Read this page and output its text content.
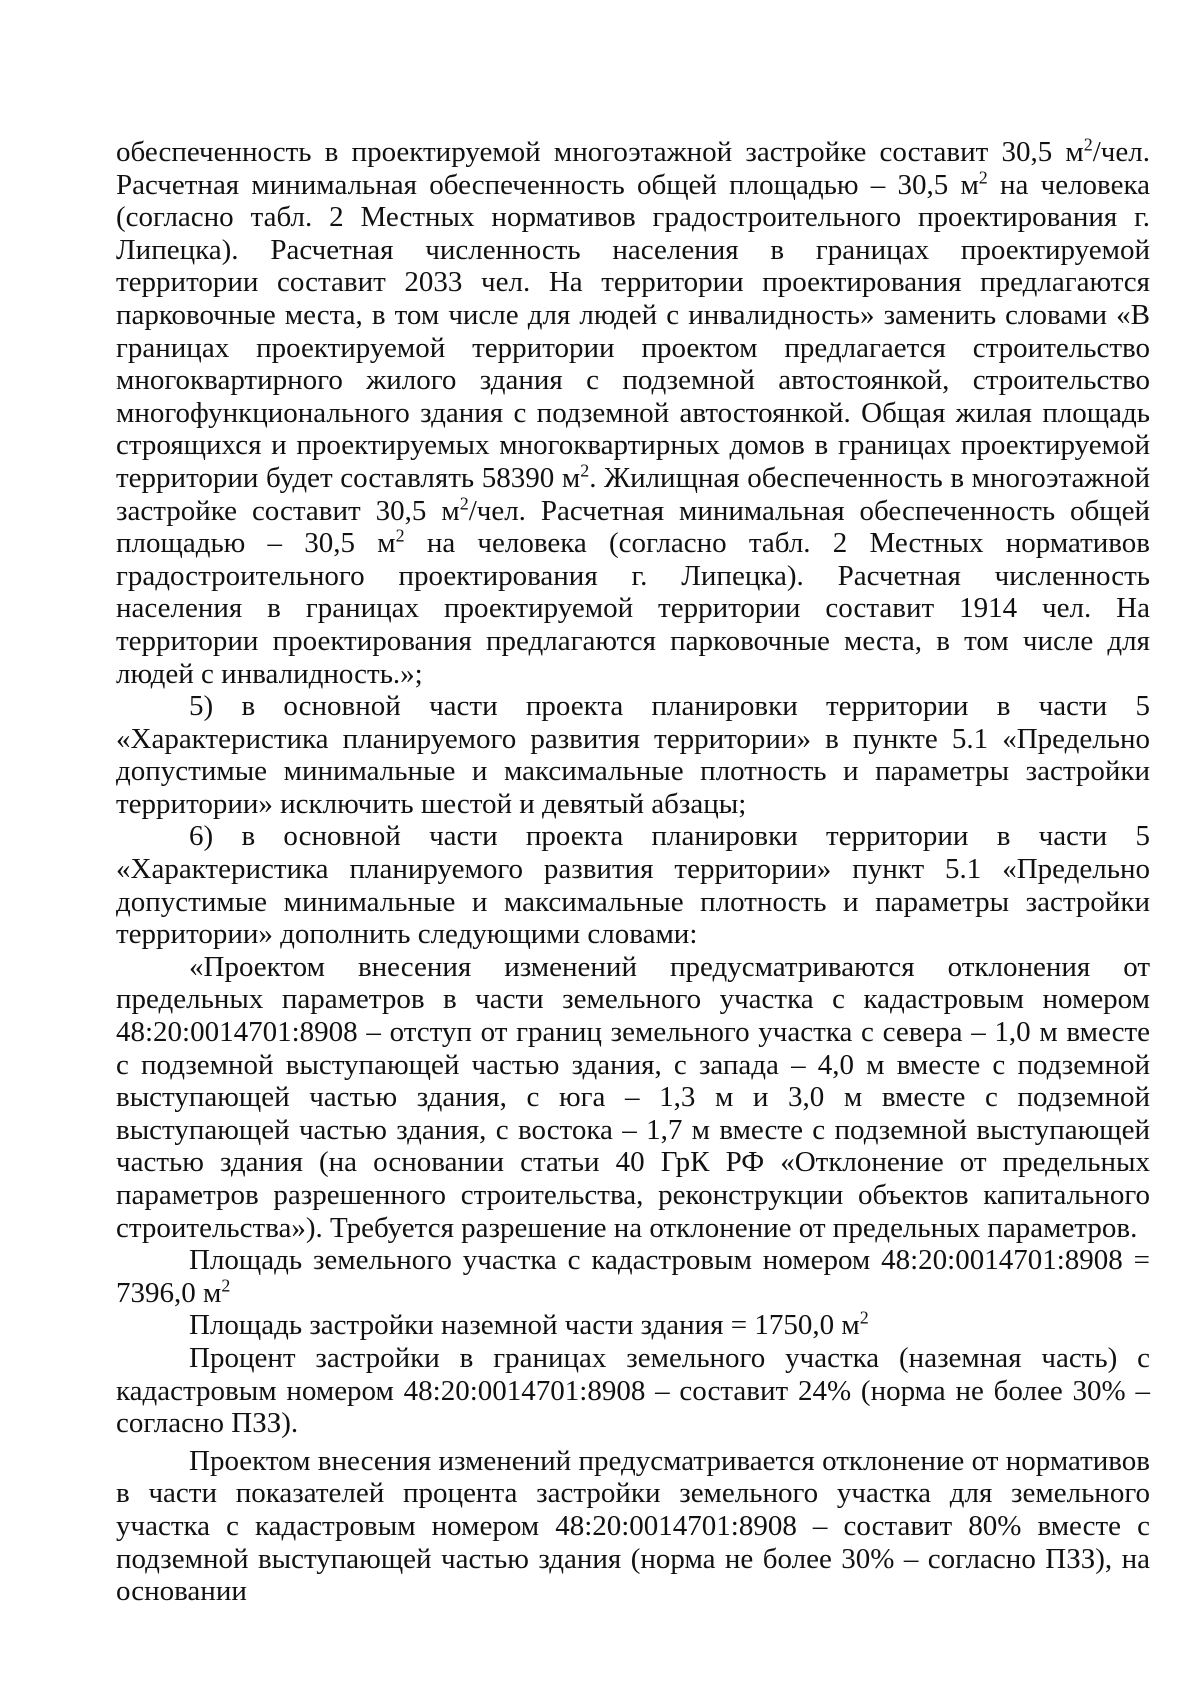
обеспеченность в проектируемой многоэтажной застройке составит 30,5 $м^2$/чел. Расчетная минимальная обеспеченность общей площадью – 30,5 $м^2$ на человека (согласно табл. 2 Местных нормативов градостроительного проектирования г. Липецка). Расчетная численность населения в границах проектируемой территории составит 2033 чел. На территории проектирования предлагаются парковочные места, в том числе для людей с инвалидность» заменить словами «В границах проектируемой территории проектом предлагается строительство многоквартирного жилого здания с подземной автостоянкой, строительство многофункционального здания с подземной автостоянкой. Общая жилая площадь строящихся и проектируемых многоквартирных домов в границах проектируемой территории будет составлять 58390 $м^2$. Жилищная обеспеченность в многоэтажной застройке составит 30,5 $м^2$/чел. Расчетная минимальная обеспеченность общей площадью – 30,5 $м^2$ на человека (согласно табл. 2 Местных нормативов градостроительного проектирования г. Липецка). Расчетная численность населения в границах проектируемой территории составит 1914 чел. На территории проектирования предлагаются парковочные места, в том числе для людей с инвалидность.»;

5) в основной части проекта планировки территории в части 5 «Характеристика планируемого развития территории» в пункте 5.1 «Предельно допустимые минимальные и максимальные плотность и параметры застройки территории» исключить шестой и девятый абзацы;

6) в основной части проекта планировки территории в части 5 «Характеристика планируемого развития территории» пункт 5.1 «Предельно допустимые минимальные и максимальные плотность и параметры застройки территории» дополнить следующими словами:

«Проектом внесения изменений предусматриваются отклонения от предельных параметров в части земельного участка с кадастровым номером 48:20:0014701:8908 – отступ от границ земельного участка с севера – 1,0 м вместе с подземной выступающей частью здания, с запада – 4,0 м вместе с подземной выступающей частью здания, с юга – 1,3 м и 3,0 м вместе с подземной выступающей частью здания, с востока – 1,7 м вместе с подземной выступающей частью здания (на основании статьи 40 ГрК РФ «Отклонение от предельных параметров разрешенного строительства, реконструкции объектов капитального строительства»). Требуется разрешение на отклонение от предельных параметров.

Площадь земельного участка с кадастровым номером 48:20:0014701:8908 = 7396,0 $м^2$

Площадь застройки наземной части здания = 1750,0 $м^2$

Процент застройки в границах земельного участка (наземная часть) с кадастровым номером 48:20:0014701:8908 – составит 24% (норма не более 30% – согласно ПЗЗ).

Проектом внесения изменений предусматривается отклонение от нормативов в части показателей процента застройки земельного участка для земельного участка с кадастровым номером 48:20:0014701:8908 – составит 80% вместе с подземной выступающей частью здания (норма не более 30% – согласно ПЗЗ), на основании
